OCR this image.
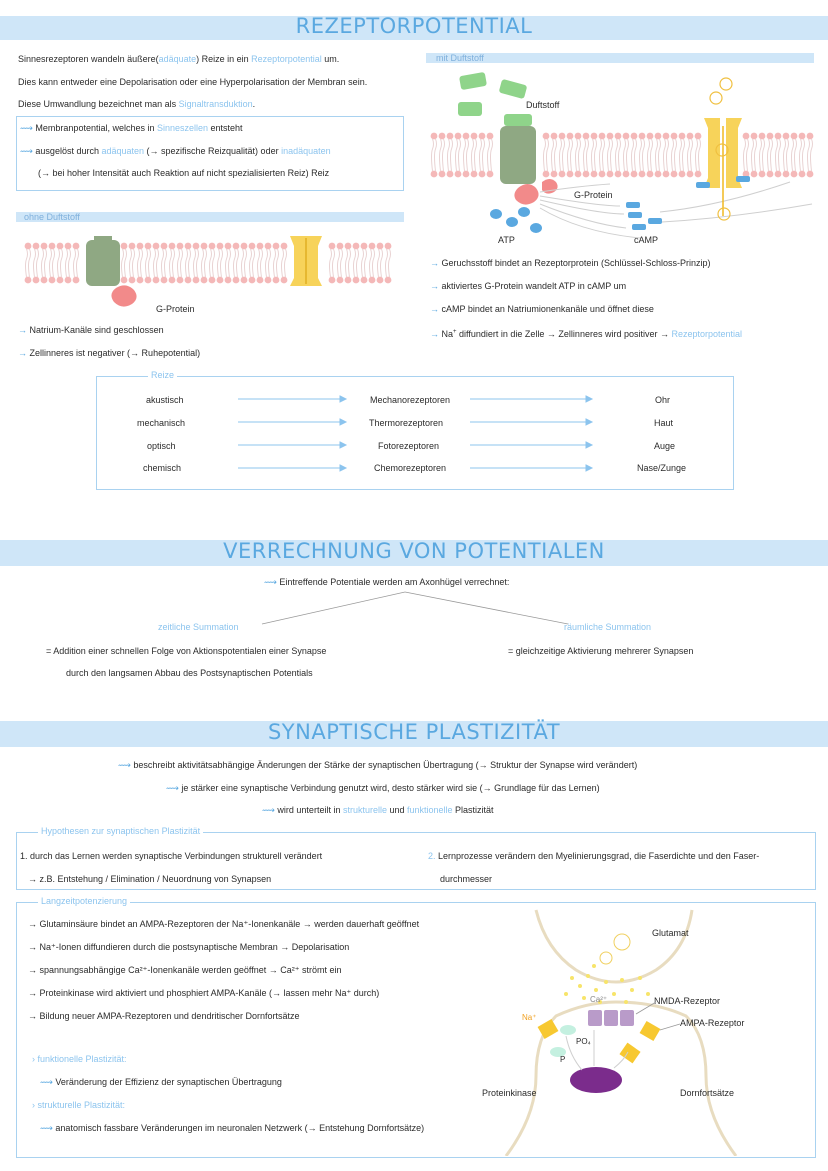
REZEPTORPOTENTIAL
Sinnesrezeptoren wandeln äußere(adäquate) Reize in ein Rezeptorpotential um.
Dies kann entweder eine Depolarisation oder eine Hyperpolarisation der Membran sein.
Diese Umwandlung bezeichnet man als Signaltransduktion.
⟿ Membranpotential, welches in Sinneszellen entsteht
⟿ ausgelöst durch adäquaten (→ spezifische Reizqualität) oder inadäquaten
(→ bei hoher Intensität auch Reaktion auf nicht spezialisierten Reiz) Reiz
ohne Duftstoff
G-Protein
→ Natrium-Kanäle sind geschlossen
→ Zellinneres ist negativer (→ Ruhepotential)
mit Duftstoff
Duftstoff
G-Protein
ATP	cAMP
→ Geruchsstoff bindet an Rezeptorprotein (Schlüssel-Schloss-Prinzip)
→ aktiviertes G-Protein wandelt ATP in cAMP um
→ cAMP bindet an Natriumionenkanäle und öffnet diese
→ Na+ diffundiert in die Zelle → Zellinneres wird positiver → Rezeptorpotential
Reize
akustisch	Mechanorezeptoren	Ohr
mechanisch	Thermorezeptoren	Haut
optisch	Fotorezeptoren	Auge
chemisch	Chemorezeptoren	Nase/Zunge
VERRECHNUNG VON POTENTIALEN
⟿ Eintreffende Potentiale werden am Axonhügel verrechnet:
zeitliche Summation	räumliche Summation
= Addition einer schnellen Folge von Aktionspotentialen einer Synapse
durch den langsamen Abbau des Postsynaptischen Potentials
= gleichzeitige Aktivierung mehrerer Synapsen
SYNAPTISCHE PLASTIZITÄT
⟿ beschreibt aktivitätsabhängige Änderungen der Stärke der synaptischen Übertragung (→ Struktur der Synapse wird verändert)
⟿ je stärker eine synaptische Verbindung genutzt wird, desto stärker wird sie (→ Grundlage für das Lernen)
⟿ wird unterteilt in strukturelle und funktionelle Plastizität
Hypothesen zur synaptischen Plastizität
1. durch das Lernen werden synaptische Verbindungen strukturell verändert
→ z.B. Entstehung / Elimination / Neuordnung von Synapsen
2. Lernprozesse verändern den Myelinierungsgrad, die Faserdichte und den Faser-
durchmesser
Langzeitpotenzierung
→ Glutaminsäure bindet an AMPA-Rezeptoren der Na⁺-Ionenkanäle → werden dauerhaft geöffnet
→ Na⁺-Ionen diffundieren durch die postsynaptische Membran → Depolarisation
→ spannungsabhängige Ca²⁺-Ionenkanäle werden geöffnet → Ca²⁺ strömt ein
→ Proteinkinase wird aktiviert und phosphiert AMPA-Kanäle (→ lassen mehr Na⁺ durch)
→ Bildung neuer AMPA-Rezeptoren und dendritischer Dornfortsätze
› funktionelle Plastizität:
⟿ Veränderung der Effizienz der synaptischen Übertragung
› strukturelle Plastizität:
⟿ anatomisch fassbare Veränderungen im neuronalen Netzwerk (→ Entstehung Dornfortsätze)
Glutamat
Ca²⁺	NMDA-Rezeptor
AMPA-Rezeptor
Na⁺
PO₄
P
Proteinkinase	Dornfortsätze
